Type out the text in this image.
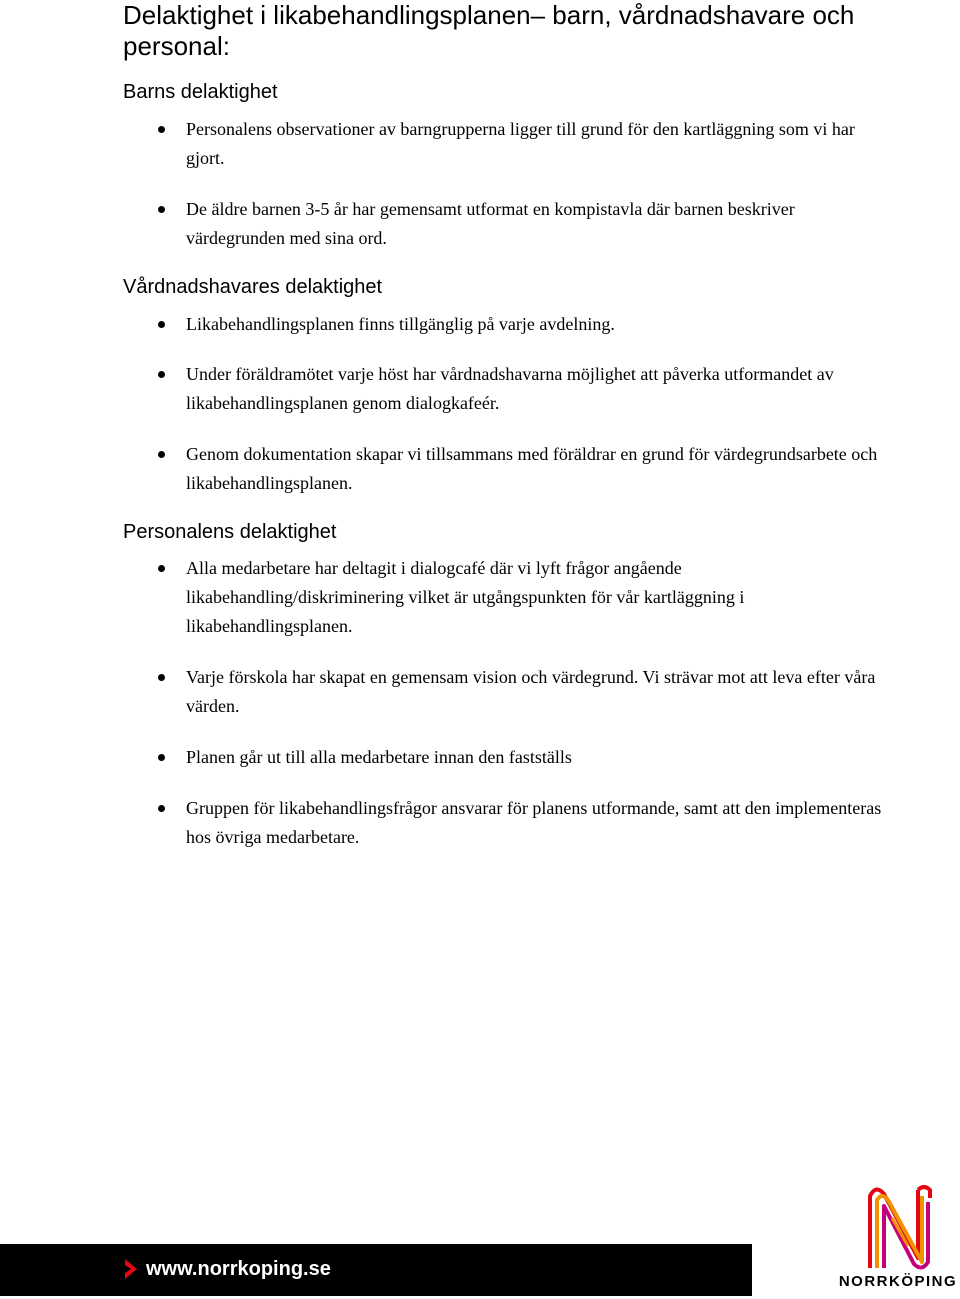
Delaktighet i likabehandlingsplanen– barn, vårdnadshavare och personal:
Barns delaktighet
Personalens observationer av barngrupperna ligger till grund för den kartläggning som vi har gjort.
De äldre barnen 3-5 år har gemensamt utformat en kompistavla där barnen beskriver värdegrunden med sina ord.
Vårdnadshavares delaktighet
Likabehandlingsplanen finns tillgänglig på varje avdelning.
Under föräldramötet varje höst har vårdnadshavarna möjlighet att påverka utformandet av likabehandlingsplanen genom dialogkafeér.
Genom dokumentation skapar vi tillsammans med föräldrar en grund för värdegrundsarbete och likabehandlingsplanen.
Personalens delaktighet
Alla medarbetare har deltagit i dialogcafé där vi lyft frågor angående likabehandling/diskriminering vilket är utgångspunkten för vår kartläggning i likabehandlingsplanen.
Varje förskola har skapat en gemensam vision och värdegrund. Vi strävar mot att leva efter våra värden.
Planen går ut till alla medarbetare innan den fastställs
Gruppen för likabehandlingsfrågor ansvarar för planens utformande, samt att den implementeras hos övriga medarbetare.
www.norrkoping.se
NORRKÖPING
